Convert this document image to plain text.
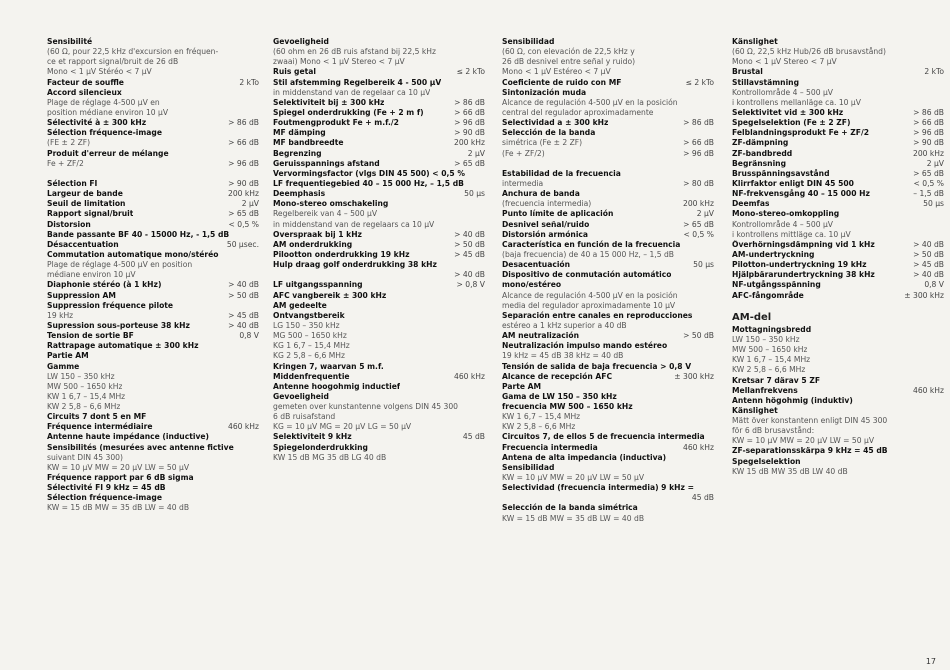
Sensibilité
(60 Ω, pour 22,5 kHz d'excursion en fréquen-
ce et rapport signal/bruit de 26 dB
Mono < 1 µV Stéréo < 7 µV
Facteur de souffle	2 kTo
Accord silencieux
Plage de réglage 4-500 µV en
position médiane environ 10 µV
Sélectivité à ± 300 kHz	> 86 dB
Sélection fréquence-image
(FE ± 2 ZF)	> 66 dB
Produit d'erreur de mélange
Fe + ZF/2	> 96 dB
Sélection FI	> 90 dB
Largeur de bande	200 kHz
Seuil de limitation	2 µV
Rapport signal/bruit	> 65 dB
Distorsion	< 0,5 %
Bande passante BF 40 - 15000 Hz, - 1,5 dB
Désaccentuation	50 µsec.
Commutation automatique mono/stéréo
Plage de réglage 4-500 µV en position
médiane environ 10 µV
Diaphonie stéréo (à 1 kHz)	> 40 dB
Suppression AM	> 50 dB
Suppression fréquence pilote
19 kHz	> 45 dB
Supression sous-porteuse 38 kHz	> 40 dB
Tension de sortie BF	0,8 V
Rattrapage automatique ± 300 kHz
Partie AM
Gamme
LW 150 – 350 kHz
MW 500 – 1650 kHz
KW 1 6,7 – 15,4 MHz
KW 2 5,8 – 6,6 MHz
Circuits 7 dont 5 en MF
Fréquence intermédiaire	460 kHz
Antenne haute impédance (inductive)
Sensibilités (mesurées avec antenne fictive
suivant DIN 45 300)
KW = 10 µV MW = 20 µV LW = 50 µV
Fréquence rapport par 6 dB sigma
Sélectivité FI 9 kHz = 45 dB
Sélection fréquence-image
KW = 15 dB MW = 35 dB LW = 40 dB
Gevoeligheid
(60 ohm en 26 dB ruis afstand bij 22,5 kHz
zwaai) Mono < 1 µV Stereo < 7 µV
Ruis getal	≤ 2 kTo
Stil afstemming Regelbereik 4 - 500 µV
in middenstand van de regelaar ca 10 µV
Selektiviteit bij ± 300 kHz	> 86 dB
Spiegel onderdrukking (Fe + 2 m f)	> 66 dB
Foutmengprodukt Fe + m.f./2	> 96 dB
MF dämping	> 90 dB
MF bandbreedte	200 kHz
Begrenzing	2 µV
Geruisspannings afstand	> 65 dB
Vervormingsfactor (vlgs DIN 45 500) < 0,5 %
LF frequentiegebied 40 – 15 000 Hz, – 1,5 dB
Deemphasis	50 µs
Mono-stereo omschakeling
Regelbereik van 4 – 500 µV
in middenstand van de regelaars ca 10 µV
Overspraak bij 1 kHz	> 40 dB
AM onderdrukking	> 50 dB
Pilootton onderdrukking 19 kHz	> 45 dB
Hulp draag golf onderdrukking 38 kHz
> 40 dB
LF uitgangsspanning	> 0,8 V
AFC vangbereik ± 300 kHz
AM gedeelte
Ontvangstbereik
LG 150 – 350 kHz
MG 500 – 1650 kHz
KG 1 6,7 – 15,4 MHz
KG 2 5,8 – 6,6 MHz
Kringen 7, waarvan 5 m.f.
Middenfrequentie	460 kHz
Antenne hoogohmig inductief
Gevoeligheid
gemeten over kunstantenne volgens DIN 45 300
6 dB ruisafstand
KG = 10 µV MG = 20 µV LG = 50 µV
Selektiviteit 9 kHz	45 dB
Spiegelonderdrukking
KW 15 dB MG 35 dB LG 40 dB
Sensibilidad
(60 Ω, con elevación de 22,5 kHz y
26 dB desnivel entre señal y ruido)
Mono < 1 µV Estéreo < 7 µV
Coeficiente de ruido con MF	≤ 2 kTo
Sintonización muda
Alcance de regulación 4-500 µV en la posición
central del regulador aproximadamente
Selectividad a ± 300 kHz	> 86 dB
Selección de la banda
simétrica (Fe ± 2 ZF)	> 66 dB
(Fe + ZF/2)	> 96 dB
Estabilidad de la frecuencia
intermedia	> 80 dB
Anchura de banda
(frecuencia intermedia)	200 kHz
Punto límite de aplicación	2 µV
Desnivel señal/ruido	> 65 dB
Distorsión armónica	< 0,5 %
Característica en función de la frecuencia
(baja frecuencia) de 40 a 15 000 Hz, – 1,5 dB
Desacentuación	50 µs
Dispositivo de conmutación automático
mono/estéreo
Alcance de regulación 4-500 µV en la posición
media del regulador aproximadamente 10 µV
Separación entre canales en reproducciones
estéreo a 1 kHz superior a 40 dB
AM neutralización	> 50 dB
Neutralización impulso mando estéreo
19 kHz = 45 dB 38 kHz = 40 dB
Tensión de salida de baja frecuencia > 0,8 V
Alcance de recepción AFC	± 300 kHz
Parte AM
Gama de LW 150 – 350 kHz
frecuencia MW 500 – 1650 kHz
KW 1 6,7 – 15,4 MHz
KW 2 5,8 – 6,6 MHz
Circuitos 7, de ellos 5 de frecuencia intermedia
Frecuencia intermedia	460 kHz
Antena de alta impedancia (inductiva)
Sensibilidad
KW = 10 µV MW = 20 µV LW = 50 µV
Selectividad (frecuencia intermedia) 9 kHz =
45 dB
Selección de la banda simétrica
KW = 15 dB MW = 35 dB LW = 40 dB
Känslighet
(60 Ω, 22,5 kHz Hub/26 dB brusavstånd)
Mono < 1 µV Stereo < 7 µV
Brustal	2 kTo
Stillavstämning
Kontrollområde 4 – 500 µV
i kontrollens mellanläge ca. 10 µV
Selektivitet vid ± 300 kHz	> 86 dB
Spegelselektion (Fe ± 2 ZF)	> 66 dB
Felblandningsprodukt Fe + ZF/2	> 96 dB
ZF-dämpning	> 90 dB
ZF-bandbredd	200 kHz
Begränsning	2 µV
Brusspänningsavstånd	> 65 dB
Klirrfaktor enligt DIN 45 500	< 0,5 %
NF-frekvensgång 40 – 15 000 Hz	– 1,5 dB
Deemfas	50 µs
Mono-stereo-omkoppling
Kontrollområde 4 – 500 µV
i kontrollens mittläge ca. 10 µV
Överhörningsdämpning vid 1 kHz	> 40 dB
AM-undertryckning	> 50 dB
Pilotton-undertryckning 19 kHz	> 45 dB
Hjälpbärarundertryckning 38 kHz	> 40 dB
NF-utgångsspänning	0,8 V
AFC-fångområde	± 300 kHz
AM-del
Mottagningsbredd
LW 150 – 350 kHz
MW 500 – 1650 kHz
KW 1 6,7 – 15,4 MHz
KW 2 5,8 – 6,6 MHz
Kretsar 7 därav 5 ZF
Mellanfrekvens	460 kHz
Antenn högohmig (induktiv)
Känslighet
Mätt över konstantenn enligt DIN 45 300
för 6 dB brusavstånd:
KW = 10 µV MW = 20 µV LW = 50 µV
ZF-separationsskärpa 9 kHz = 45 dB
Spegelselektion
KW 15 dB MW 35 dB LW 40 dB
17
